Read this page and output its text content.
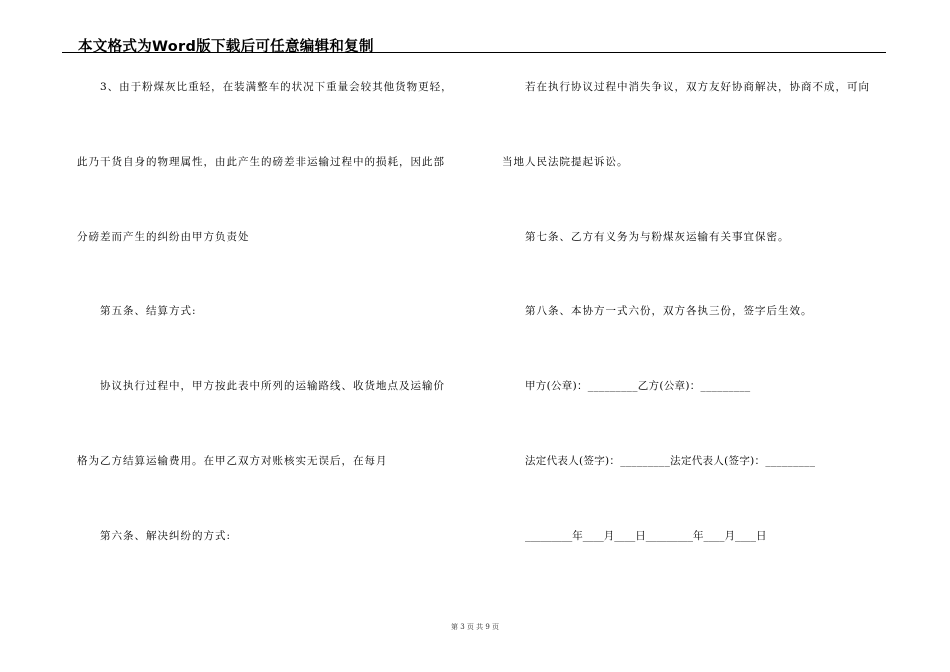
本文格式为Word版下载后可任意编辑和复制
3、由于粉煤灰比重轻，在装满整车的状况下重量会较其他货物更轻，
此乃干货自身的物理属性，由此产生的磅差非运输过程中的损耗，因此部
分磅差而产生的纠纷由甲方负责处
第五条、结算方式:
协议执行过程中，甲方按此表中所列的运输路线、收货地点及运输价
格为乙方结算运输费用。在甲乙双方对账核实无误后，在每月
第六条、解决纠纷的方式:
若在执行协议过程中消失争议，双方友好协商解决，协商不成，可向
当地人民法院提起诉讼。
第七条、乙方有义务为与粉煤灰运输有关事宜保密。
第八条、本协方一式六份，双方各执三份，签字后生效。
甲方(公章)：_________乙方(公章)：_________
法定代表人(签字)：_________法定代表人(签字)：_________
_________年____月____日_________年____月____日
第 3 页 共 9 页
